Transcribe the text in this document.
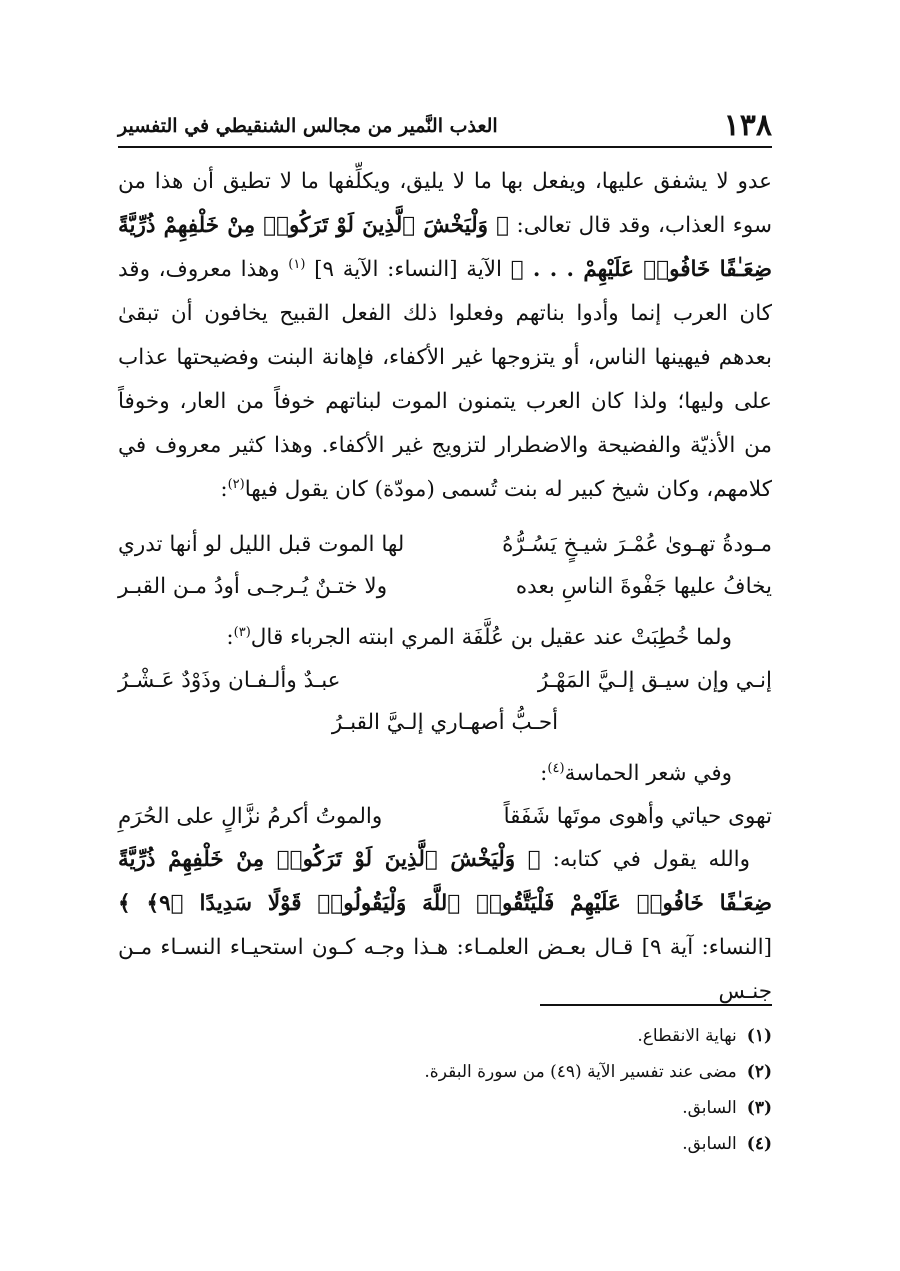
١٣٨
العذب النَّمير من مجالس الشنقيطي في التفسير

عدو لا يشفق عليها، ويفعل بها ما لا يليق، ويكلِّفها ما لا تطيق أن هذا من سوء العذاب، وقد قال تعالى: ﴿ وَلْيَخْشَ ٱلَّذِينَ لَوْ تَرَكُوا۟ مِنْ خَلْفِهِمْ ذُرِّيَّةً ضِعَـٰفًا خَافُوا۟ عَلَيْهِمْ . . . ﴾ الآية [النساء: الآية ٩] $^{(١)}$ وهذا معروف، وقد كان العرب إنما وأدوا بناتهم وفعلوا ذلك الفعل القبيح يخافون أن تبقىٰ بعدهم فيهينها الناس، أو يتزوجها غير الأكفاء، فإهانة البنت وفضيحتها عذاب على وليها؛ ولذا كان العرب يتمنون الموت لبناتهم خوفاً من العار، وخوفاً من الأذيّة والفضيحة والاضطرار لتزويج غير الأكفاء. وهذا كثير معروف في كلامهم، وكان شيخ كبير له بنت تُسمى (مودّة) كان يقول فيها$^{(٢)}$:

مـودةُ تهـوىٰ عُمْـرَ شيـخٍ يَسُـرُّهُ
لها الموت قبل الليل لو أنها تدري
يخافُ عليها جَفْوةَ الناسِ بعده
ولا ختـنٌ يُـرجـى أودُ مـن القبـر

ولما خُطِبَتْ عند عقيل بن عُلَّفَة المري ابنته الجرباء قال$^{(٣)}$:

إنـي وإن سيـق إلـيَّ المَهْـرُ
عبـدٌ وألـفـان وذَوْدٌ عَـشْـرُ
أحـبُّ أصهـاري إلـيَّ القبـرُ

وفي شعر الحماسة$^{(٤)}$:

تهوى حياتي وأهوى موتَها شَفَقاً
والموتُ أكرمُ نزَّالٍ على الحُرَمِ

والله يقول في كتابه: ﴿ وَلْيَخْشَ ٱلَّذِينَ لَوْ تَرَكُوا۟ مِنْ خَلْفِهِمْ ذُرِّيَّةً ضِعَـٰفًا خَافُوا۟ عَلَيْهِمْ فَلْيَتَّقُوا۟ ٱللَّهَ وَلْيَقُولُوا۟ قَوْلًا سَدِيدًا ﴿٩﴾ ﴾ [النساء: آية ٩] قـال بعـض العلمـاء: هـذا وجـه كـون استحيـاء النسـاء مـن جنـس

(١)نهاية الانقطاع.

(٢)مضى عند تفسير الآية (٤٩) من سورة البقرة.

(٣)السابق.

(٤)السابق.
